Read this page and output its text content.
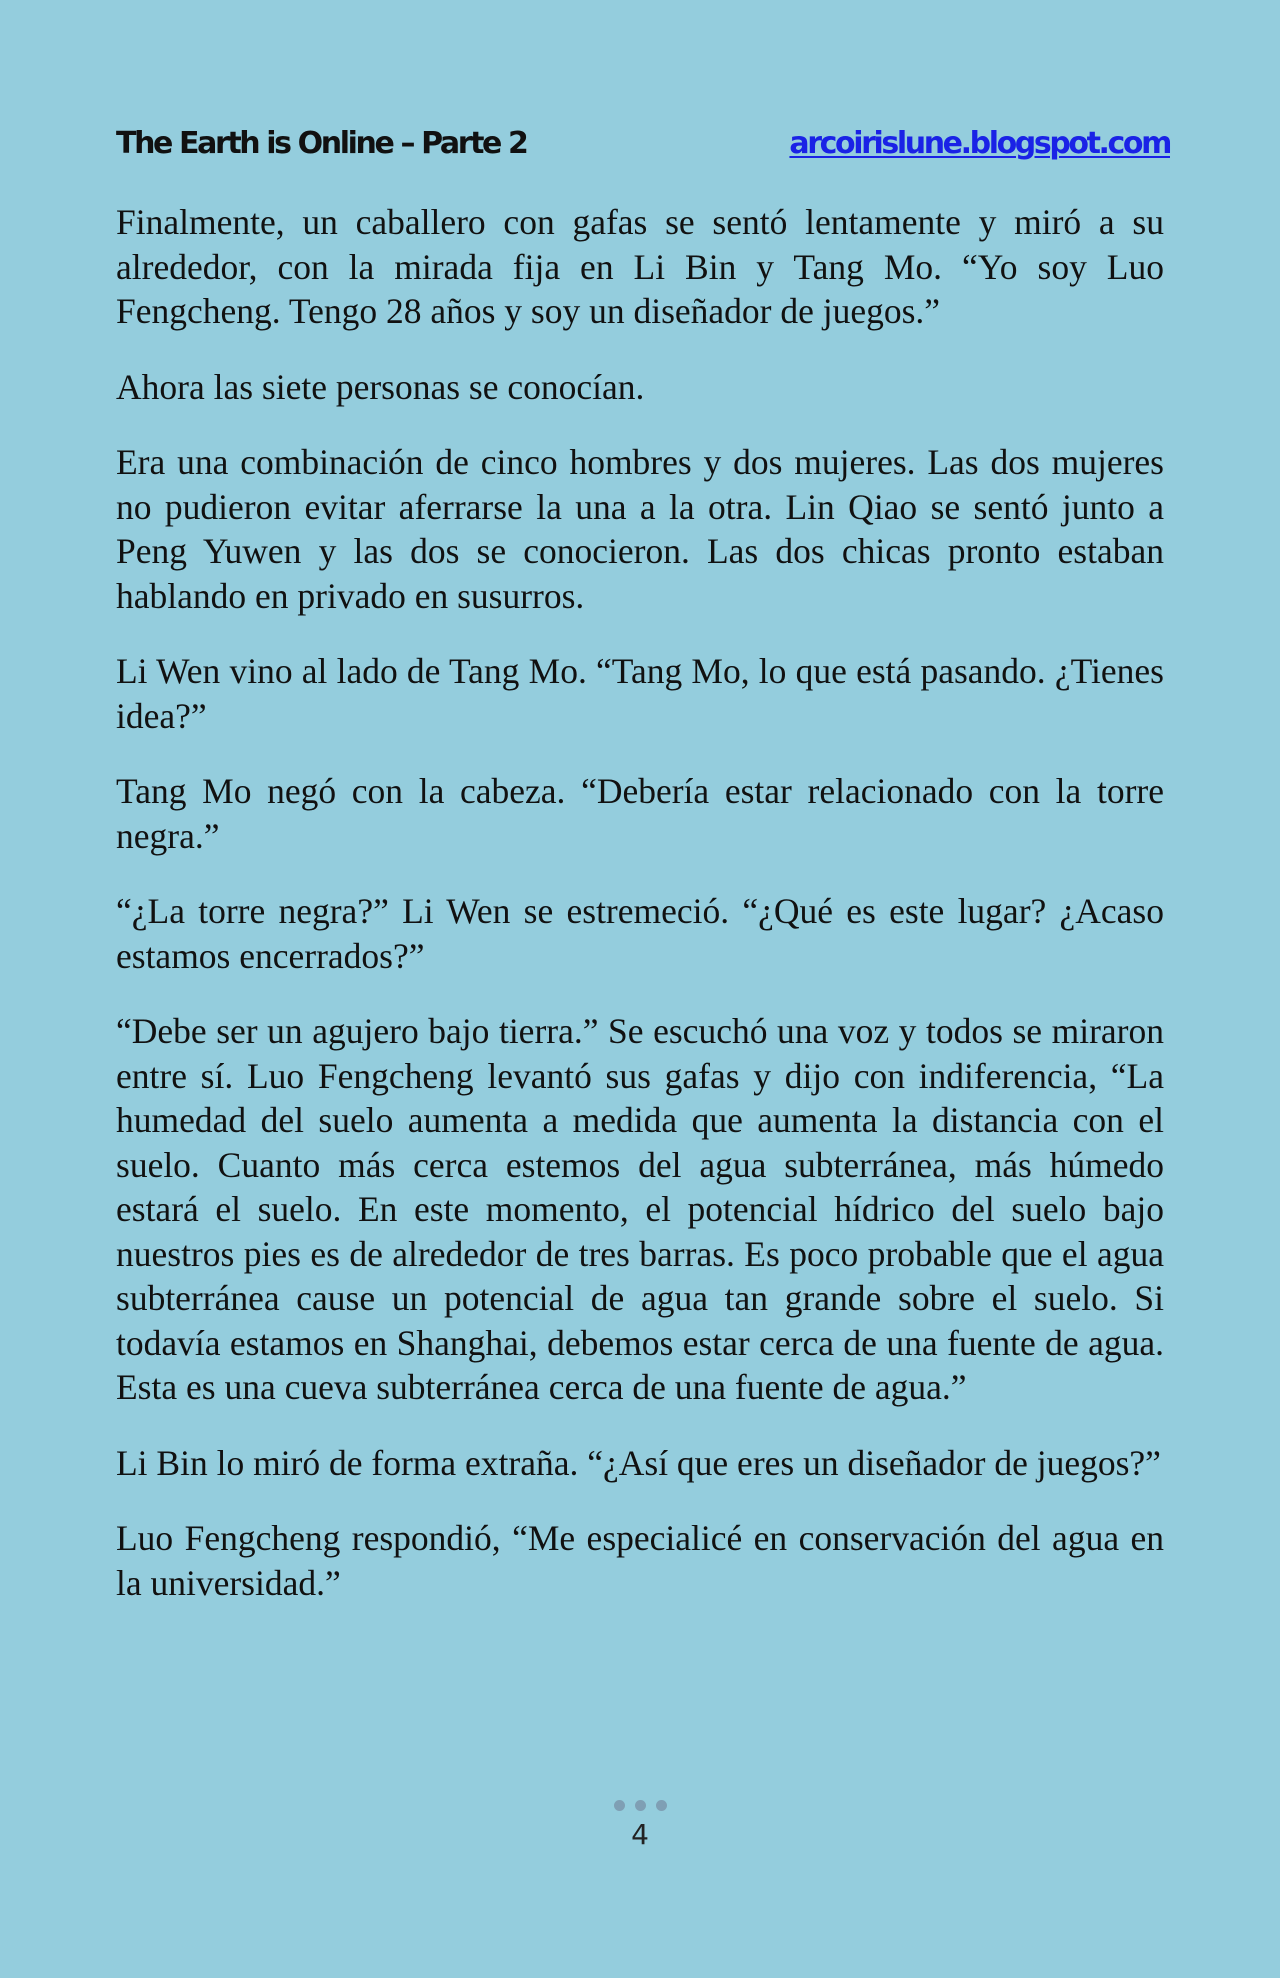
The Earth is Online – Parte 2	arcoirislune.blogspot.com

Finalmente, un caballero con gafas se sentó lentamente y miró a su alrededor, con la mirada fija en Li Bin y Tang Mo. “Yo soy Luo Fengcheng. Tengo 28 años y soy un diseñador de juegos.”

Ahora las siete personas se conocían.

Era una combinación de cinco hombres y dos mujeres. Las dos mujeres no pudieron evitar aferrarse la una a la otra. Lin Qiao se sentó junto a Peng Yuwen y las dos se conocieron. Las dos chicas pronto estaban hablando en privado en susurros.

Li Wen vino al lado de Tang Mo. “Tang Mo, lo que está pasando. ¿Tienes idea?”

Tang Mo negó con la cabeza. “Debería estar relacionado con la torre negra.”

“¿La torre negra?” Li Wen se estremeció. “¿Qué es este lugar? ¿Acaso estamos encerrados?”

“Debe ser un agujero bajo tierra.” Se escuchó una voz y todos se miraron entre sí. Luo Fengcheng levantó sus gafas y dijo con indiferencia, “La humedad del suelo aumenta a medida que aumenta la distancia con el suelo. Cuanto más cerca estemos del agua subterránea, más húmedo estará el suelo. En este momento, el potencial hídrico del suelo bajo nuestros pies es de alrededor de tres barras. Es poco probable que el agua subterránea cause un potencial de agua tan grande sobre el suelo. Si todavía estamos en Shanghai, debemos estar cerca de una fuente de agua. Esta es una cueva subterránea cerca de una fuente de agua.”

Li Bin lo miró de forma extraña. “¿Así que eres un diseñador de juegos?”

Luo Fengcheng respondió, “Me especialicé en conservación del agua en la universidad.”

4
